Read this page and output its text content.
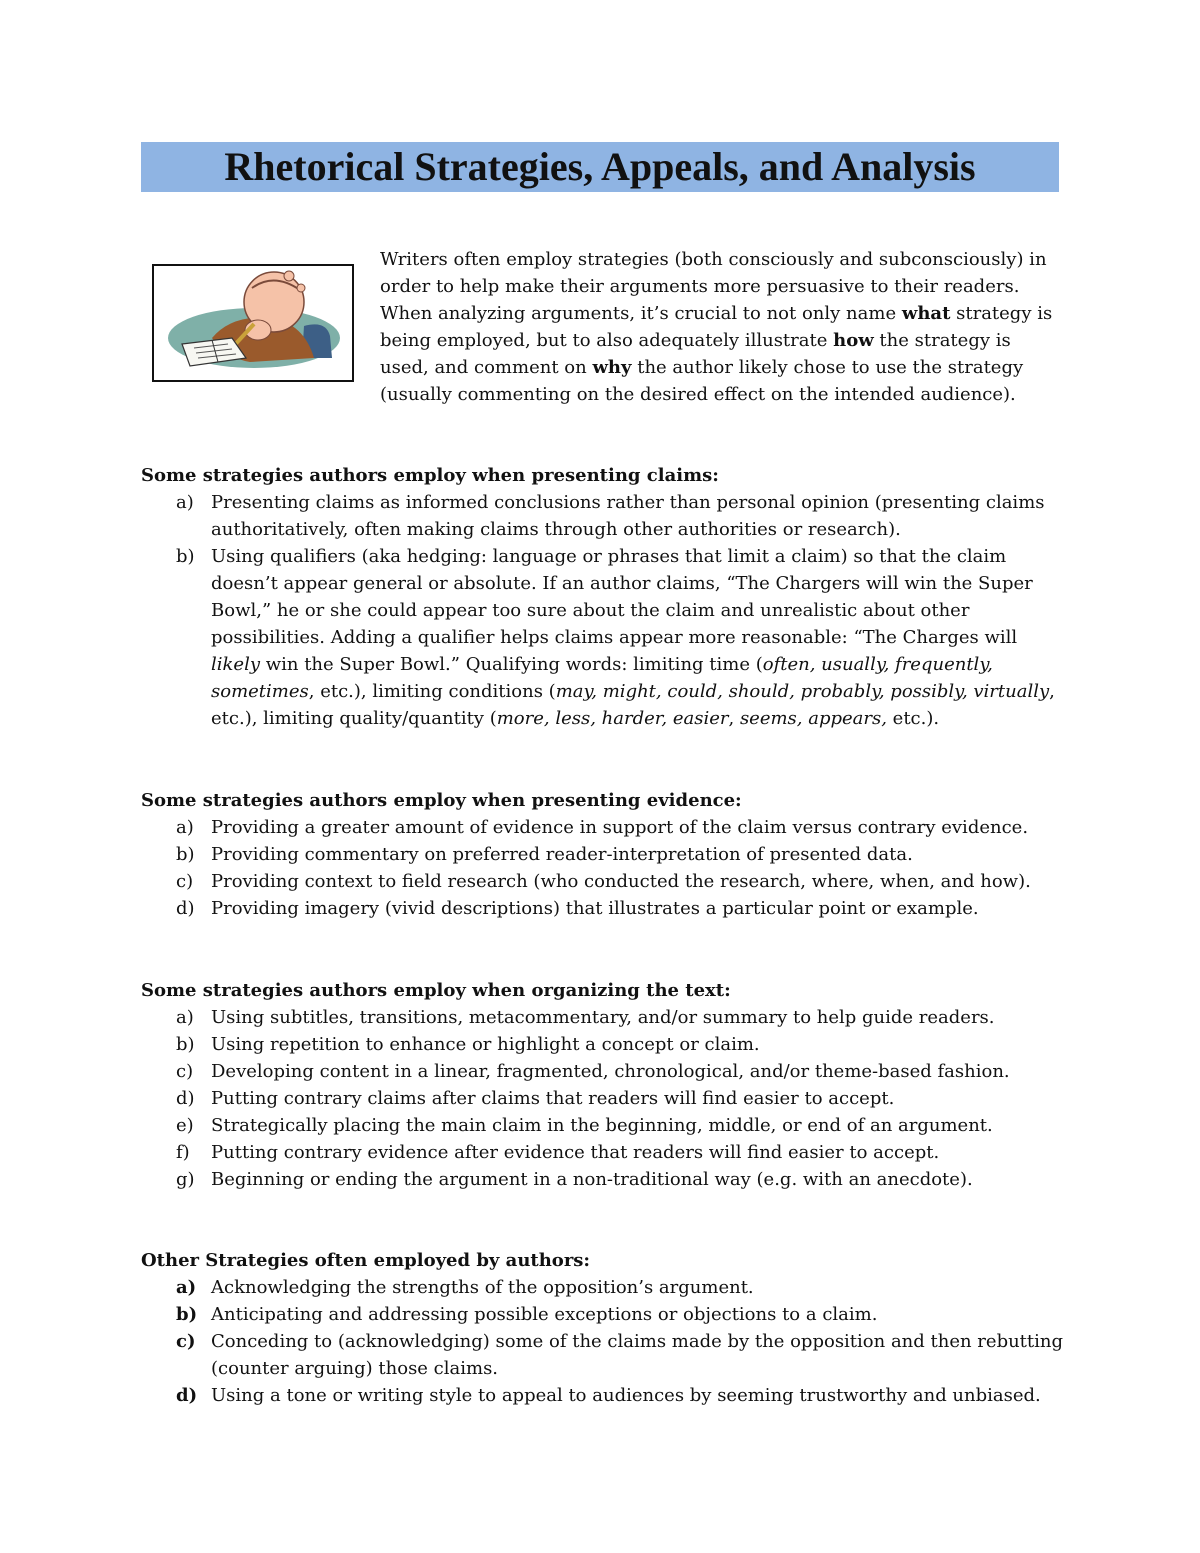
Rhetorical Strategies, Appeals, and Analysis

Writers often employ strategies (both consciously and subconsciously) in order to help make their arguments more persuasive to their readers. When analyzing arguments, it’s crucial to not only name what strategy is being employed, but to also adequately illustrate how the strategy is used, and comment on why the author likely chose to use the strategy (usually commenting on the desired effect on the intended audience).

Some strategies authors employ when presenting claims:

a) Presenting claims as informed conclusions rather than personal opinion (presenting claims authoritatively, often making claims through other authorities or research).
b) Using qualifiers (aka hedging: language or phrases that limit a claim) so that the claim doesn’t appear general or absolute. If an author claims, “The Chargers will win the Super Bowl,” he or she could appear too sure about the claim and unrealistic about other possibilities. Adding a qualifier helps claims appear more reasonable: “The Charges will likely win the Super Bowl.” Qualifying words: limiting time (often, usually, frequently, sometimes, etc.), limiting conditions (may, might, could, should, probably, possibly, virtually, etc.), limiting quality/quantity (more, less, harder, easier, seems, appears, etc.).

Some strategies authors employ when presenting evidence:

a) Providing a greater amount of evidence in support of the claim versus contrary evidence.
b) Providing commentary on preferred reader-interpretation of presented data.
c) Providing context to field research (who conducted the research, where, when, and how).
d) Providing imagery (vivid descriptions) that illustrates a particular point or example.

Some strategies authors employ when organizing the text:

a) Using subtitles, transitions, metacommentary, and/or summary to help guide readers.
b) Using repetition to enhance or highlight a concept or claim.
c) Developing content in a linear, fragmented, chronological, and/or theme-based fashion.
d) Putting contrary claims after claims that readers will find easier to accept.
e) Strategically placing the main claim in the beginning, middle, or end of an argument.
f) Putting contrary evidence after evidence that readers will find easier to accept.
g) Beginning or ending the argument in a non-traditional way (e.g. with an anecdote).

Other Strategies often employed by authors:

a) Acknowledging the strengths of the opposition’s argument.
b) Anticipating and addressing possible exceptions or objections to a claim.
c) Conceding to (acknowledging) some of the claims made by the opposition and then rebutting (counter arguing) those claims.
d) Using a tone or writing style to appeal to audiences by seeming trustworthy and unbiased.
